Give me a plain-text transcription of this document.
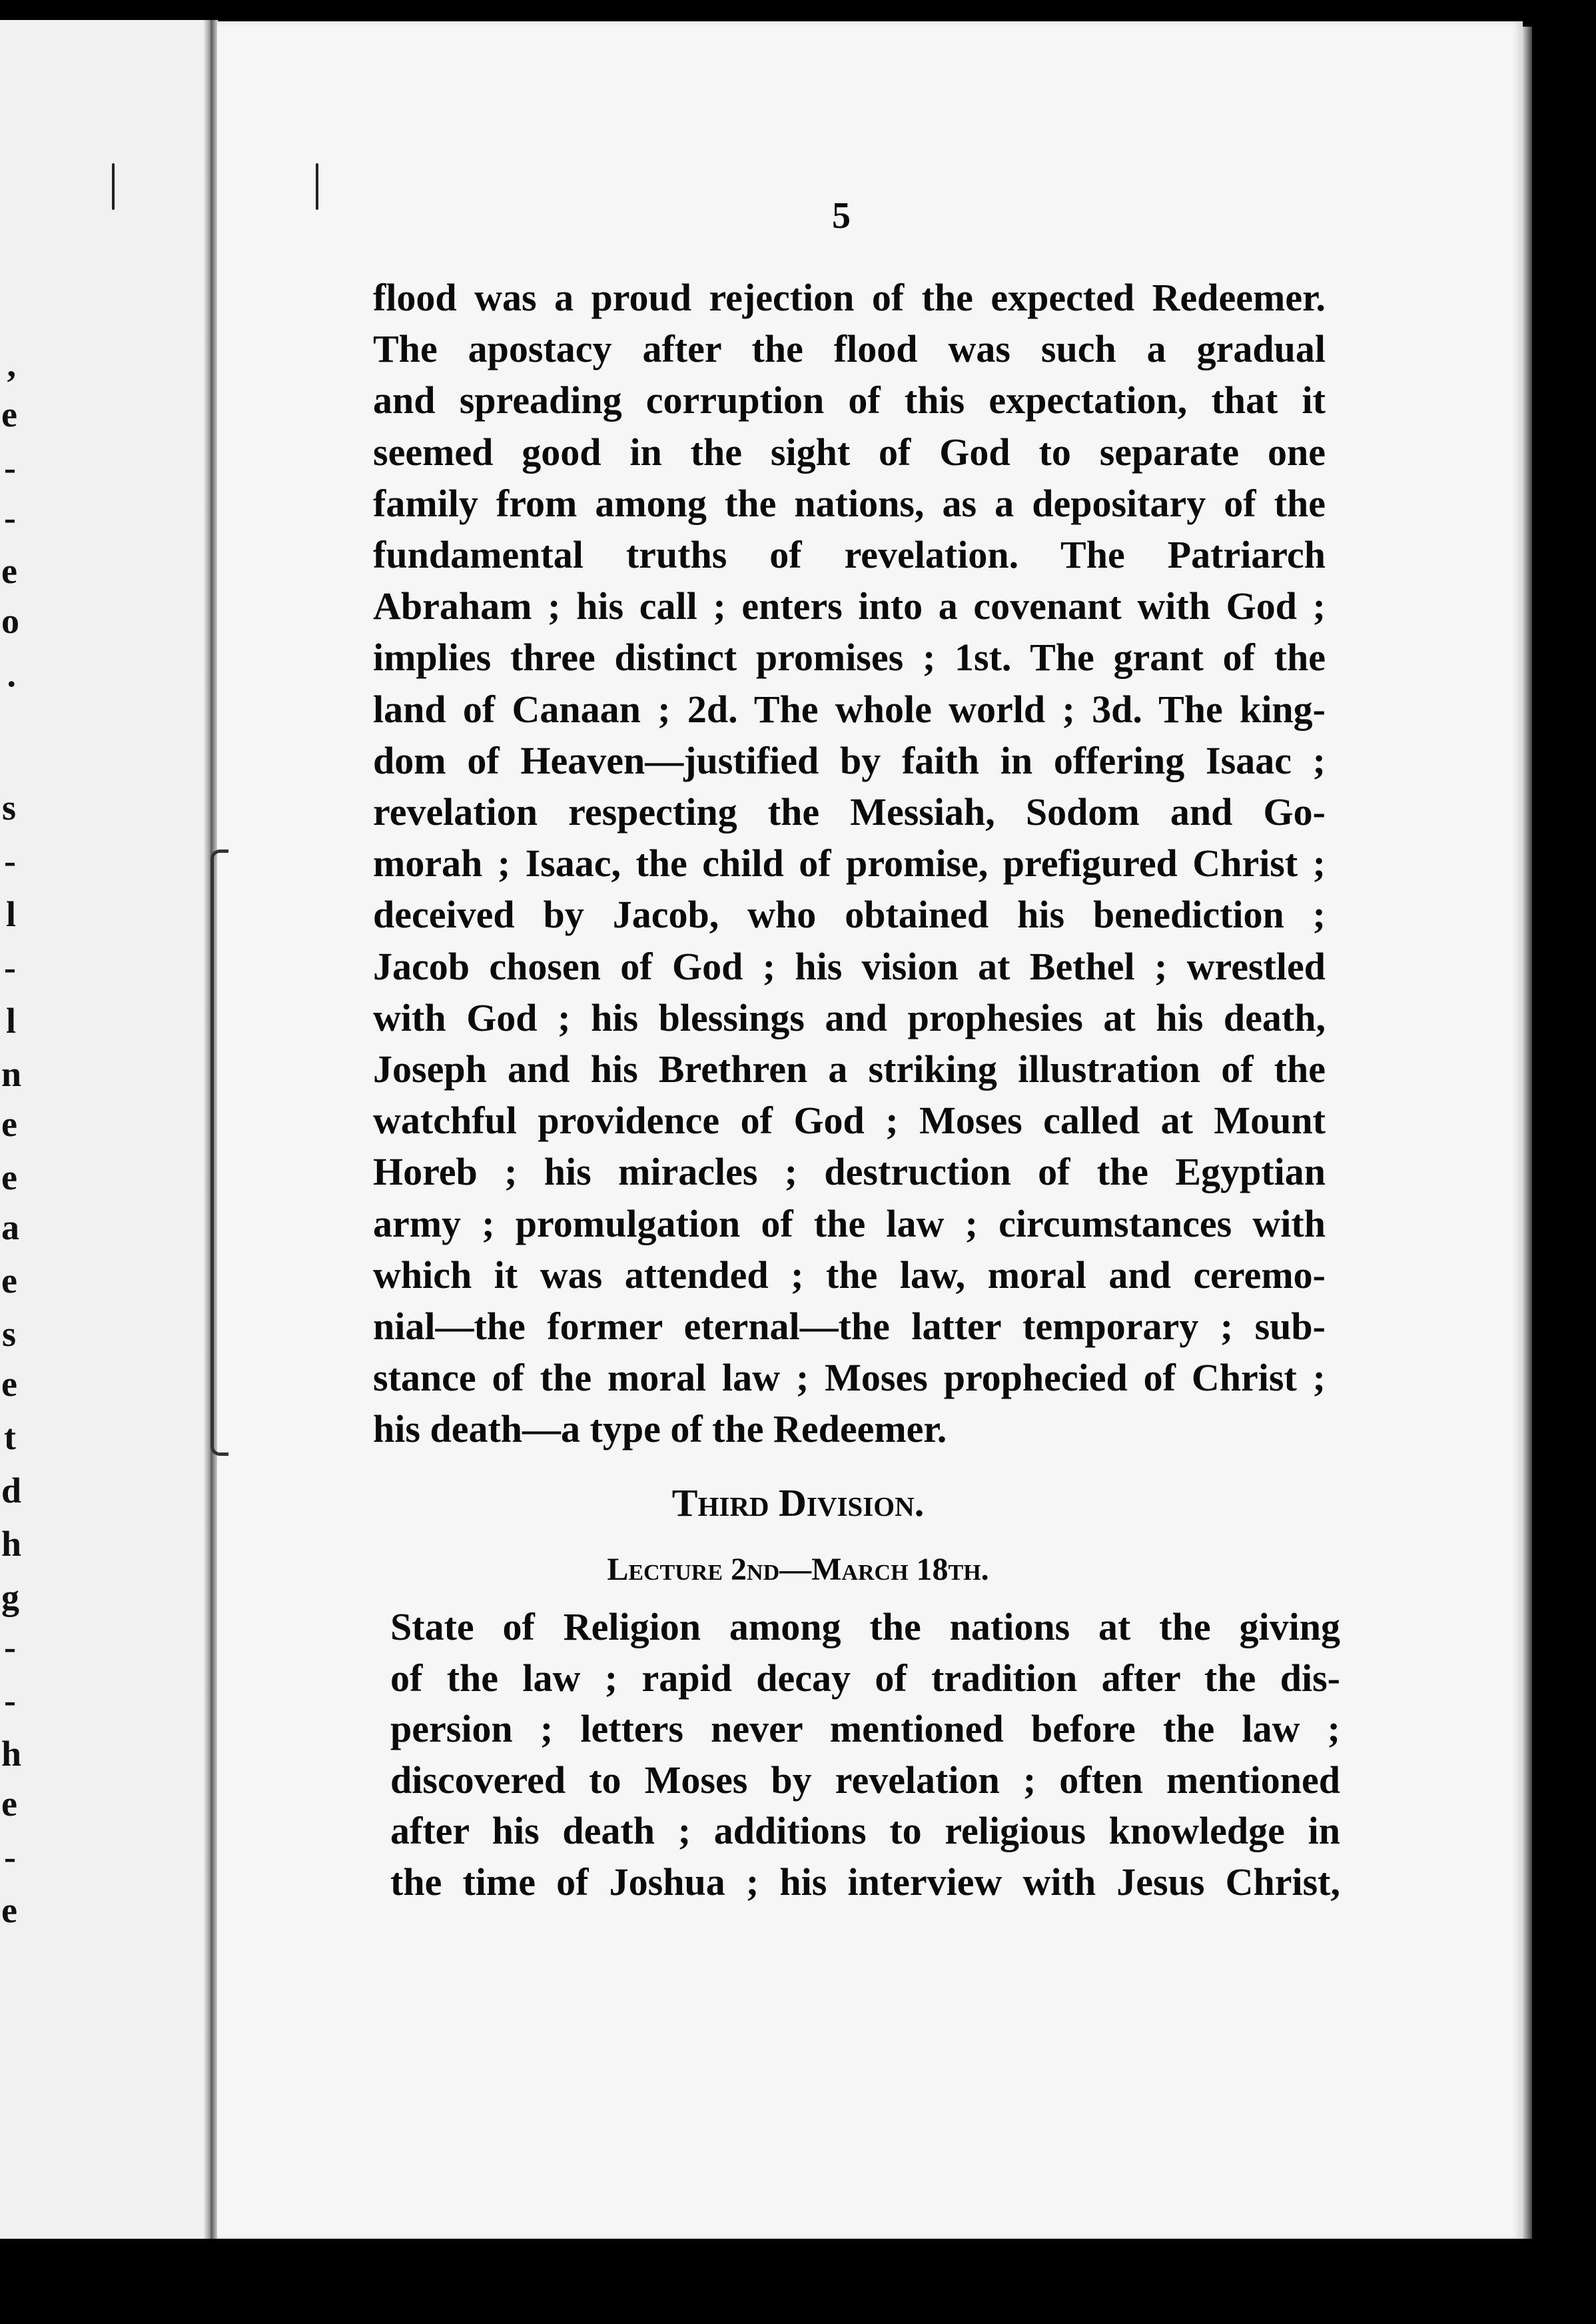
,
e
-
-
e
o
.
s
-
l
-
l
n
e
e
a
e
s
e
t
d
h
g
-
-
h
e
-
e
5
flood was a proud rejection of the expected Redeemer.
The apostacy after the flood was such a gradual
and spreading corruption of this expectation, that it
seemed good in the sight of God to separate one
family from among the nations, as a depositary of the
fundamental truths of revelation. The Patriarch
Abraham ; his call ; enters into a covenant with God ;
implies three distinct promises ; 1st. The grant of the
land of Canaan ; 2d. The whole world ; 3d. The king-
dom of Heaven—justified by faith in offering Isaac ;
revelation respecting the Messiah, Sodom and Go-
morah ; Isaac, the child of promise, prefigured Christ ;
deceived by Jacob, who obtained his benediction ;
Jacob chosen of God ; his vision at Bethel ; wrestled
with God ; his blessings and prophesies at his death,
Joseph and his Brethren a striking illustration of the
watchful providence of God ; Moses called at Mount
Horeb ; his miracles ; destruction of the Egyptian
army ; promulgation of the law ; circumstances with
which it was attended ; the law, moral and ceremo-
nial—the former eternal—the latter temporary ; sub-
stance of the moral law ; Moses prophecied of Christ ;
his death—a type of the Redeemer.
Third Division.
Lecture 2nd—March 18th.
State of Religion among the nations at the giving
of the law ; rapid decay of tradition after the dis-
persion ; letters never mentioned before the law ;
discovered to Moses by revelation ; often mentioned
after his death ; additions to religious knowledge in
the time of Joshua ; his interview with Jesus Christ,
